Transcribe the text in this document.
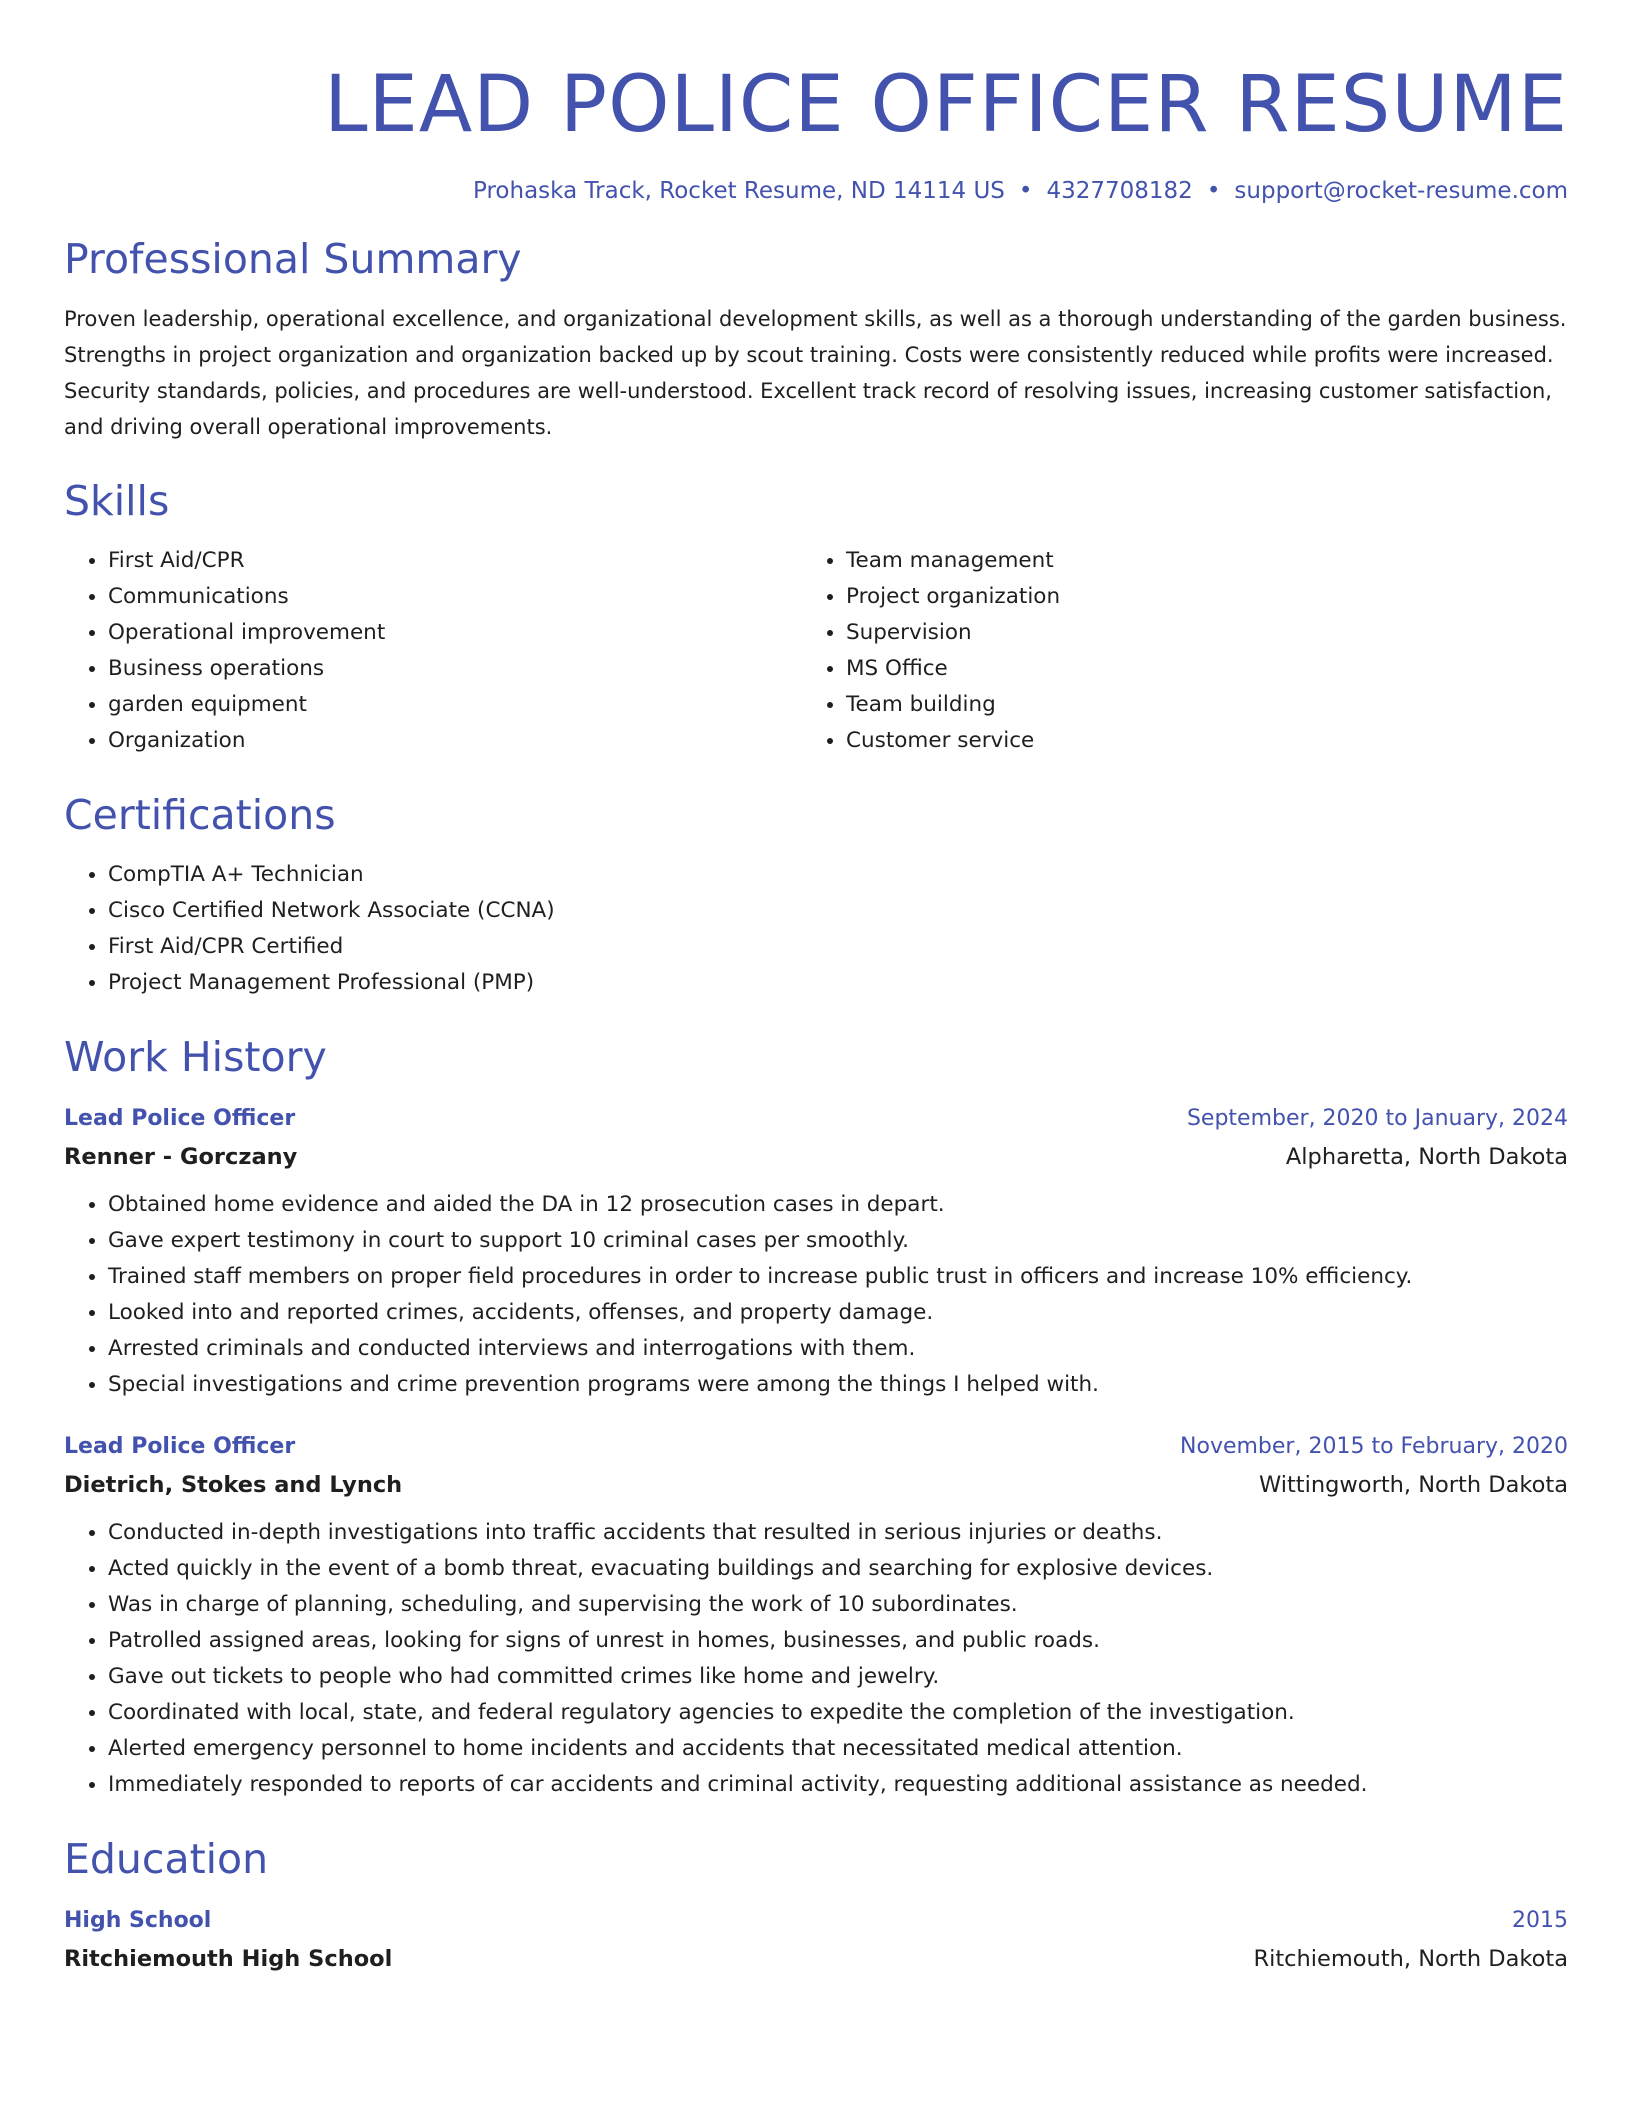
LEAD POLICE OFFICER RESUME
Prohaska Track, Rocket Resume, ND 14114 US • 4327708182 • support@rocket-resume.com
Professional Summary
Proven leadership, operational excellence, and organizational development skills, as well as a thorough understanding of the garden business. Strengths in project organization and organization backed up by scout training. Costs were consistently reduced while profits were increased. Security standards, policies, and procedures are well-understood. Excellent track record of resolving issues, increasing customer satisfaction, and driving overall operational improvements.
Skills
• First Aid/CPR
• Communications
• Operational improvement
• Business operations
• garden equipment
• Organization
• Team management
• Project organization
• Supervision
• MS Office
• Team building
• Customer service
Certifications
• CompTIA A+ Technician
• Cisco Certified Network Associate (CCNA)
• First Aid/CPR Certified
• Project Management Professional (PMP)
Work History
Lead Police Officer	September, 2020 to January, 2024
Renner - Gorczany	Alpharetta, North Dakota
• Obtained home evidence and aided the DA in 12 prosecution cases in depart.
• Gave expert testimony in court to support 10 criminal cases per smoothly.
• Trained staff members on proper field procedures in order to increase public trust in officers and increase 10% efficiency.
• Looked into and reported crimes, accidents, offenses, and property damage.
• Arrested criminals and conducted interviews and interrogations with them.
• Special investigations and crime prevention programs were among the things I helped with.
Lead Police Officer	November, 2015 to February, 2020
Dietrich, Stokes and Lynch	Wittingworth, North Dakota
• Conducted in-depth investigations into traffic accidents that resulted in serious injuries or deaths.
• Acted quickly in the event of a bomb threat, evacuating buildings and searching for explosive devices.
• Was in charge of planning, scheduling, and supervising the work of 10 subordinates.
• Patrolled assigned areas, looking for signs of unrest in homes, businesses, and public roads.
• Gave out tickets to people who had committed crimes like home and jewelry.
• Coordinated with local, state, and federal regulatory agencies to expedite the completion of the investigation.
• Alerted emergency personnel to home incidents and accidents that necessitated medical attention.
• Immediately responded to reports of car accidents and criminal activity, requesting additional assistance as needed.
Education
High School	2015
Ritchiemouth High School	Ritchiemouth, North Dakota
